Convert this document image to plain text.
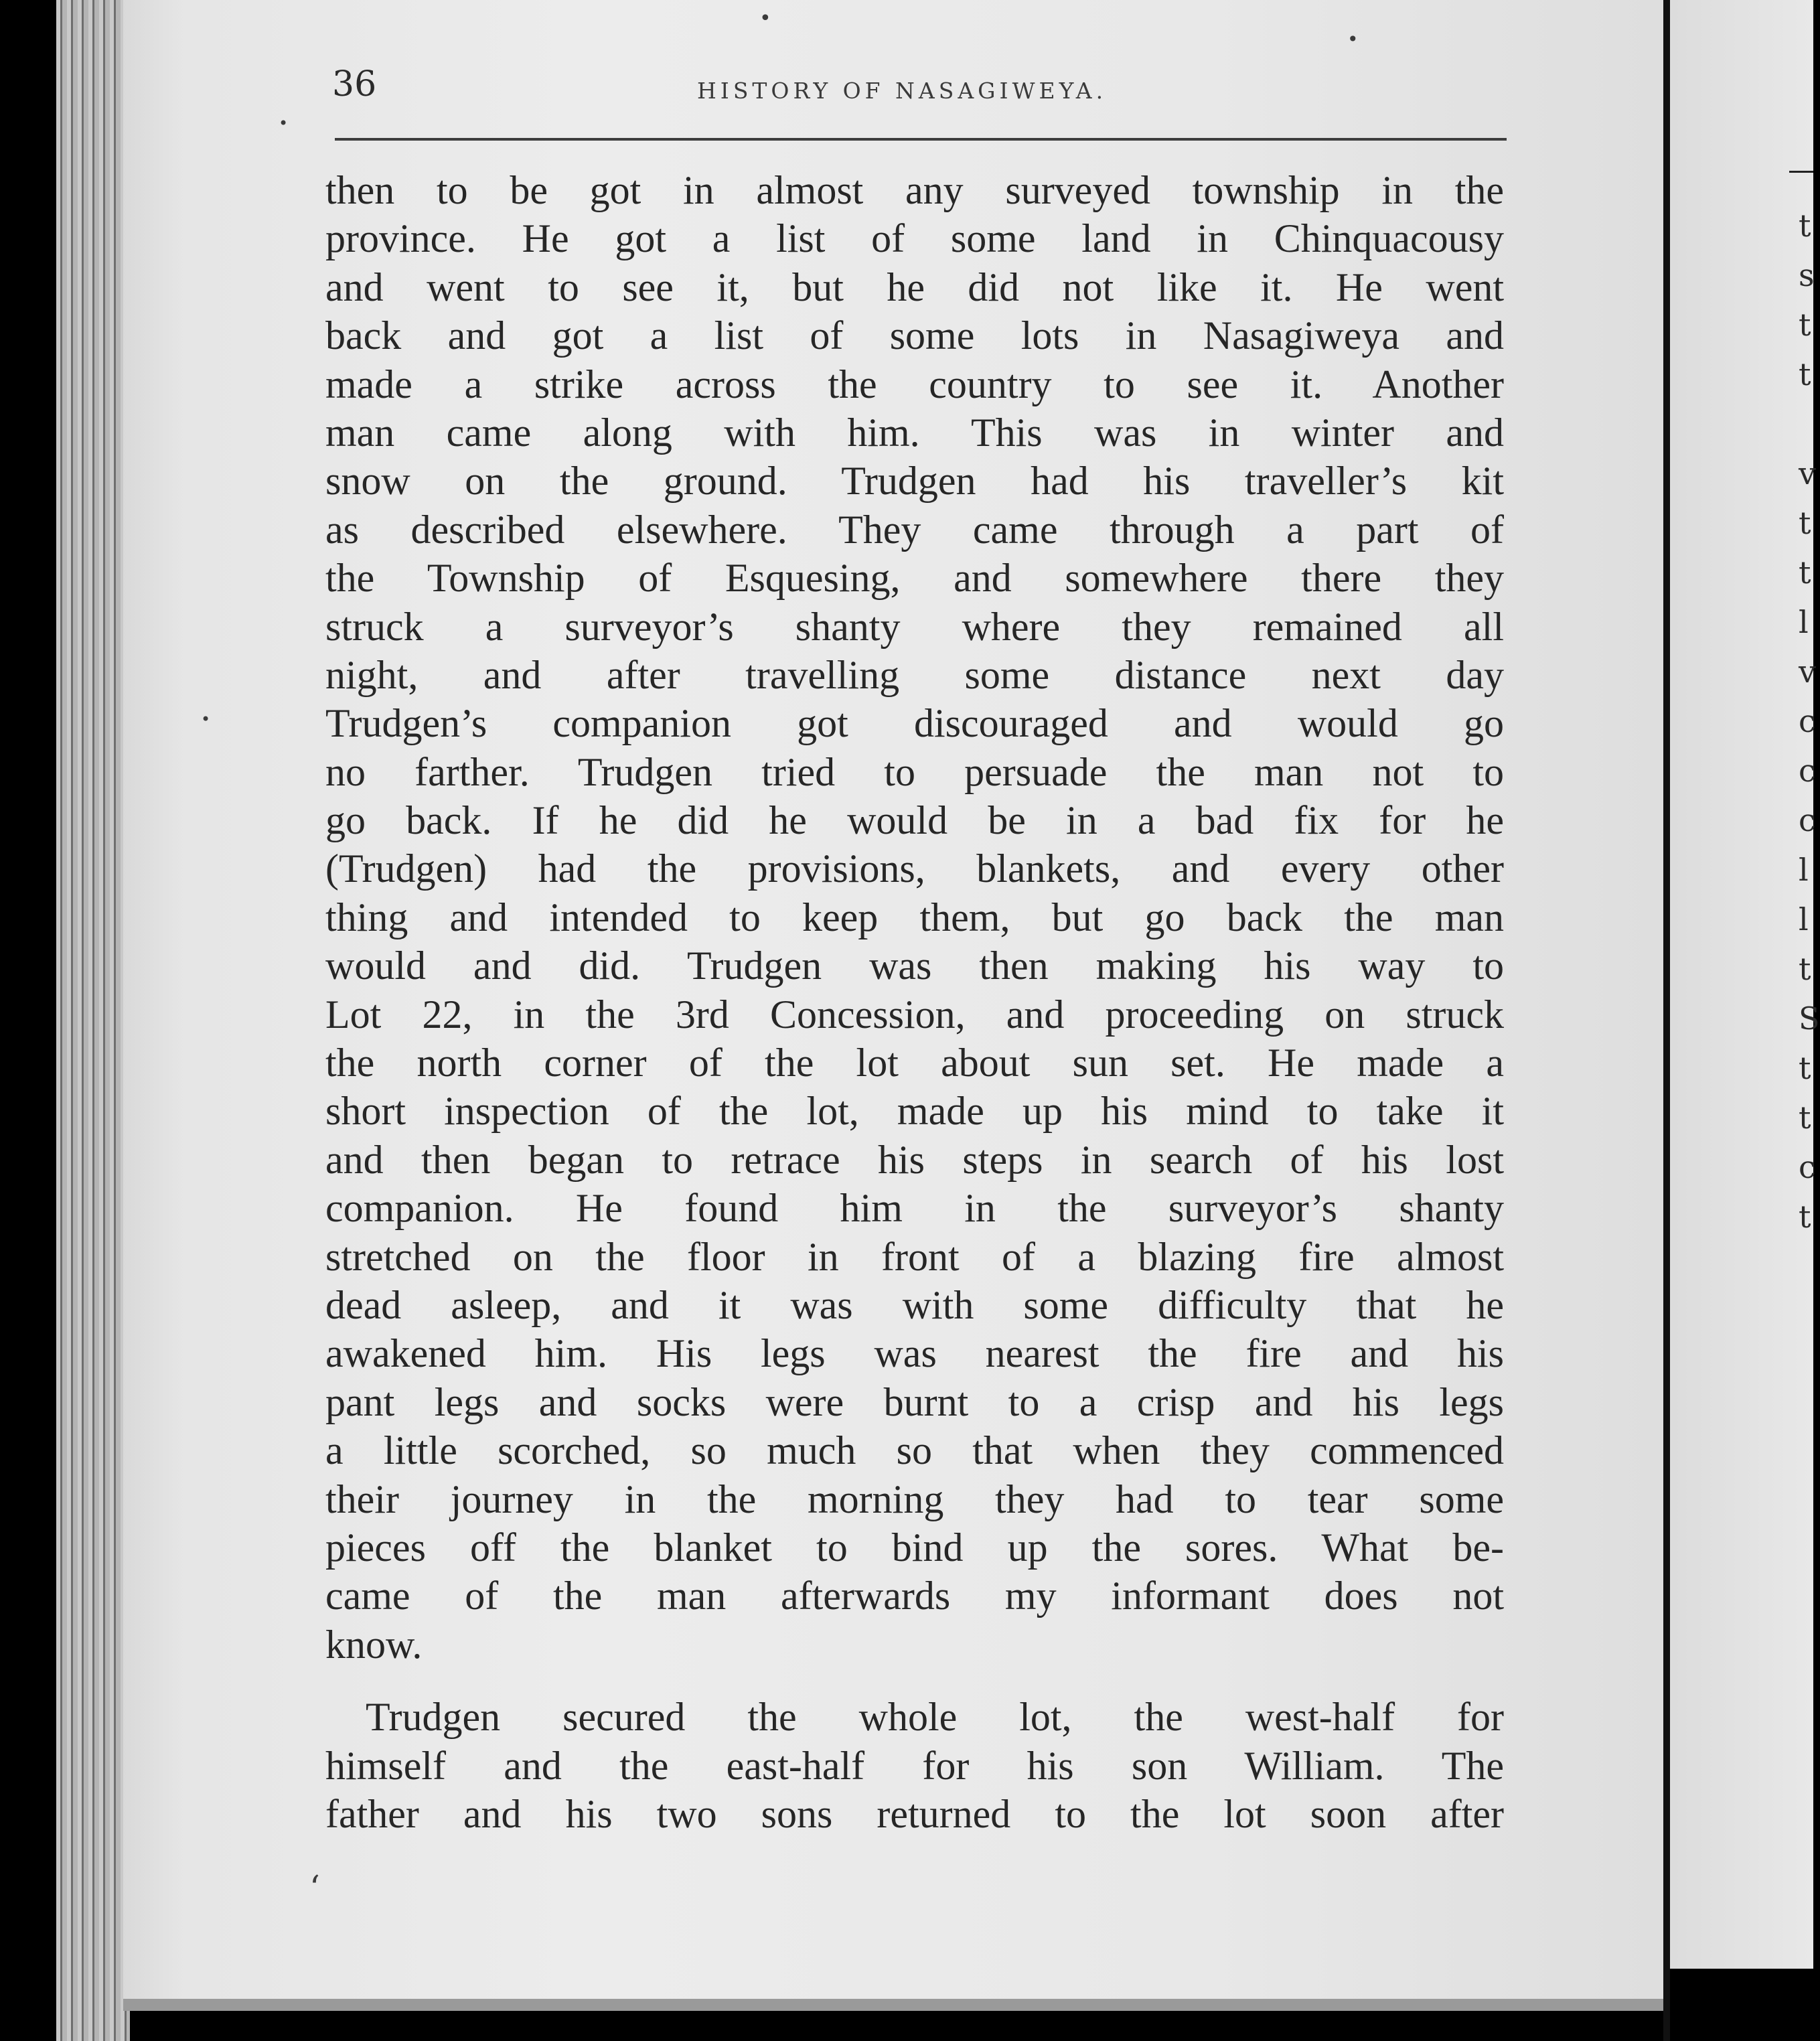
t
s
t
t

v
t
t
l
v
c
c
c
l
l
t
S
t
t
c
t
36	HISTORY OF NASAGIWEYA.
then to be got in almost any surveyed township in the
province. He got a list of some land in Chinquacousy
and went to see it, but he did not like it. He went
back and got a list of some lots in Nasagiweya and
made a strike across the country to see it. Another
man came along with him. This was in winter and
snow on the ground. Trudgen had his traveller’s kit
as described elsewhere. They came through a part of
the Township of Esquesing, and somewhere there they
struck a surveyor’s shanty where they remained all
night, and after travelling some distance next day
Trudgen’s companion got discouraged and would go
no farther. Trudgen tried to persuade the man not to
go back. If he did he would be in a bad fix for he
(Trudgen) had the provisions, blankets, and every other
thing and intended to keep them, but go back the man
would and did. Trudgen was then making his way to
Lot 22, in the 3rd Concession, and proceeding on struck
the north corner of the lot about sun set. He made a
short inspection of the lot, made up his mind to take it
and then began to retrace his steps in search of his lost
companion. He found him in the surveyor’s shanty
stretched on the floor in front of a blazing fire almost
dead asleep, and it was with some difficulty that he
awakened him. His legs was nearest the fire and his
pant legs and socks were burnt to a crisp and his legs
a little scorched, so much so that when they commenced
their journey in the morning they had to tear some
pieces off the blanket to bind up the sores. What be-
came of the man afterwards my informant does not
know.
Trudgen secured the whole lot, the west-half for
himself and the east-half for his son William. The
father and his two sons returned to the lot soon after
•
•
•
•
‘
